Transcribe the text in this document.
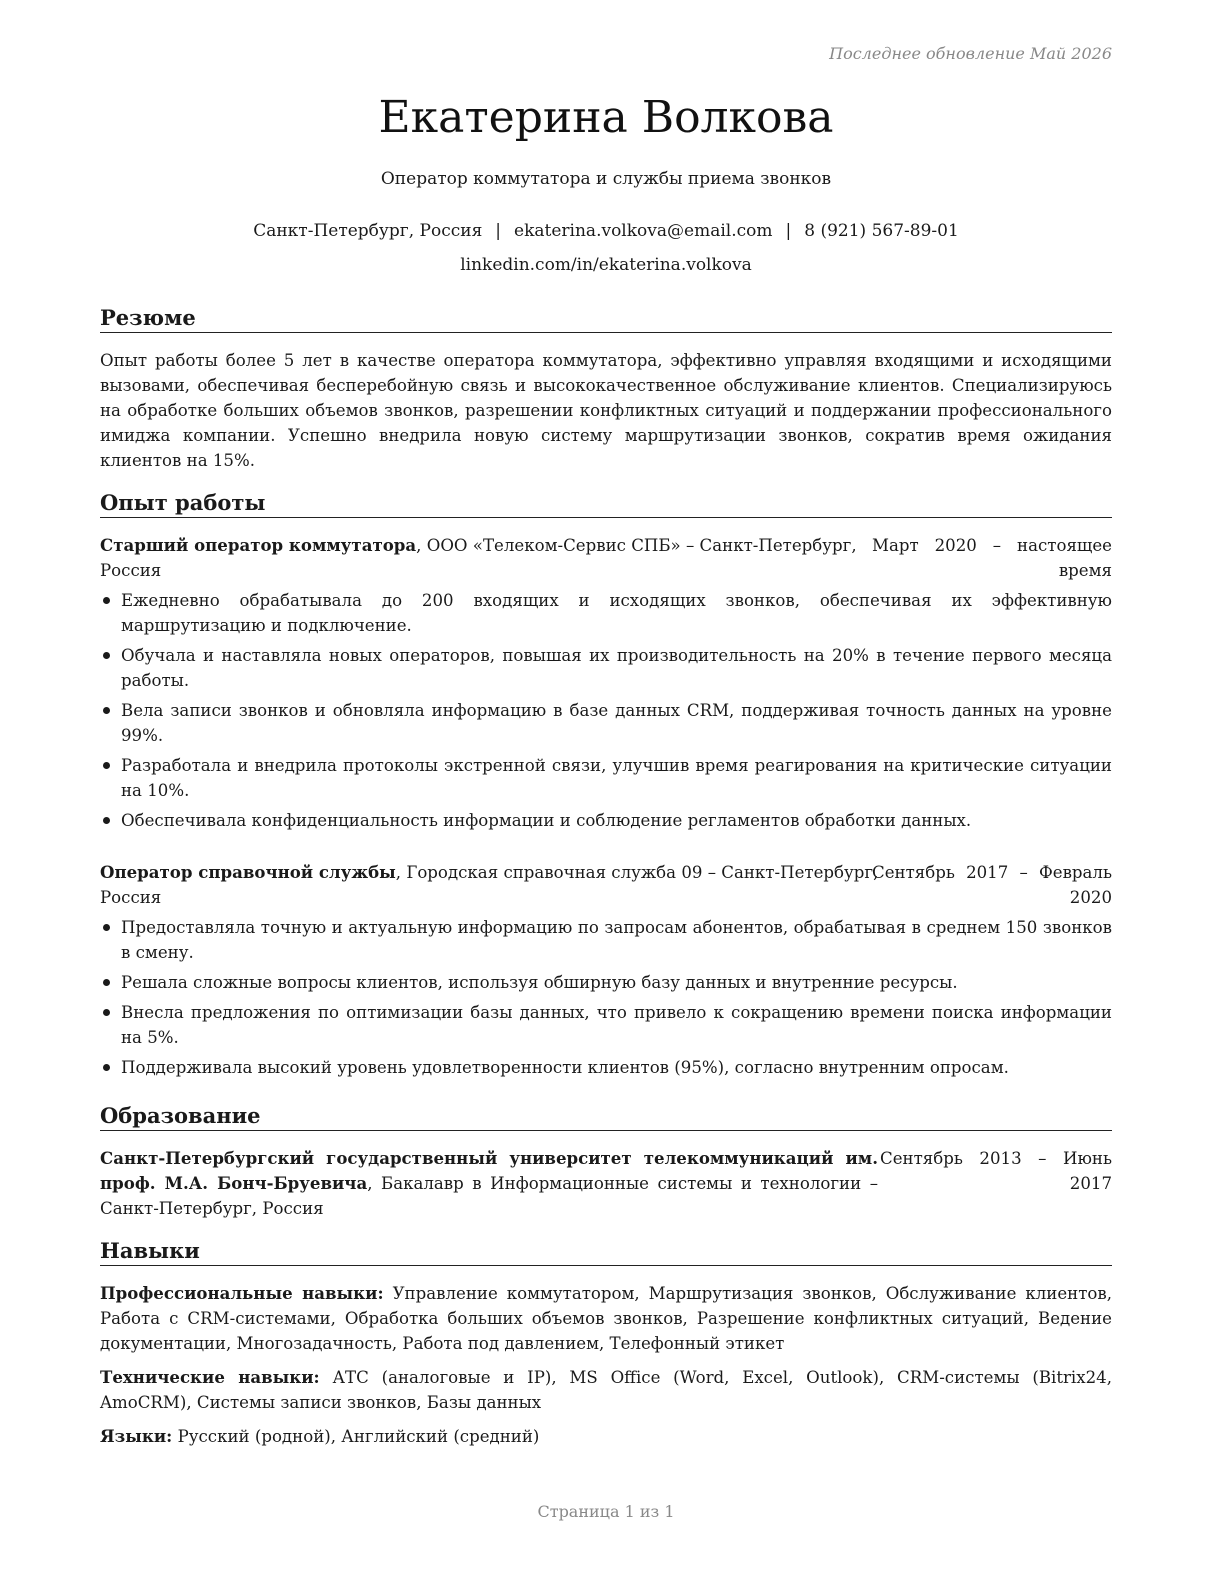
Последнее обновление Май 2026
Екатерина Волкова
Оператор коммутатора и службы приема звонков
Санкт-Петербург, Россия | ekaterina.volkova@email.com | 8 (921) 567-89-01
linkedin.com/in/ekaterina.volkova
Резюме
Опыт работы более 5 лет в качестве оператора коммутатора, эффективно управляя входящими и исходящими вызовами, обеспечивая бесперебойную связь и высококачественное обслуживание клиентов. Специализируюсь на обработке больших объемов звонков, разрешении конфликтных ситуаций и поддержании профессионального имиджа компании. Успешно внедрила новую систему маршрутизации звонков, сократив время ожидания клиентов на 15%.
Опыт работы
Старший оператор коммутатора, ООО «Телеком-Сервис СПБ» – Санкт-Петербург, Россия
Март 2020 – настоящее время
Ежедневно обрабатывала до 200 входящих и исходящих звонков, обеспечивая их эффективную маршрутизацию и подключение.
Обучала и наставляла новых операторов, повышая их производительность на 20% в течение первого месяца работы.
Вела записи звонков и обновляла информацию в базе данных CRM, поддерживая точность данных на уровне 99%.
Разработала и внедрила протоколы экстренной связи, улучшив время реагирования на критические ситуации на 10%.
Обеспечивала конфиденциальность информации и соблюдение регламентов обработки данных.
Оператор справочной службы, Городская справочная служба 09 – Санкт-Петербург, Россия
Сентябрь 2017 – Февраль 2020
Предоставляла точную и актуальную информацию по запросам абонентов, обрабатывая в среднем 150 звонков в смену.
Решала сложные вопросы клиентов, используя обширную базу данных и внутренние ресурсы.
Внесла предложения по оптимизации базы данных, что привело к сокращению времени поиска информации на 5%.
Поддерживала высокий уровень удовлетворенности клиентов (95%), согласно внутренним опросам.
Образование
Санкт-Петербургский государственный университет телекоммуникаций им. проф. М.А. Бонч-Бруевича, Бакалавр в Информационные системы и технологии – Санкт-Петербург, Россия
Сентябрь 2013 – Июнь 2017
Навыки

Профессиональные навыки: Управление коммутатором, Маршрутизация звонков, Обслуживание клиентов, Работа с CRM-системами, Обработка больших объемов звонков, Разрешение конфликтных ситуаций, Ведение документации, Многозадачность, Работа под давлением, Телефонный этикет

Технические навыки: АТС (аналоговые и IP), MS Office (Word, Excel, Outlook), CRM-системы (Bitrix24, AmoCRM), Системы записи звонков, Базы данных

Языки: Русский (родной), Английский (средний)

Страница 1 из 1
